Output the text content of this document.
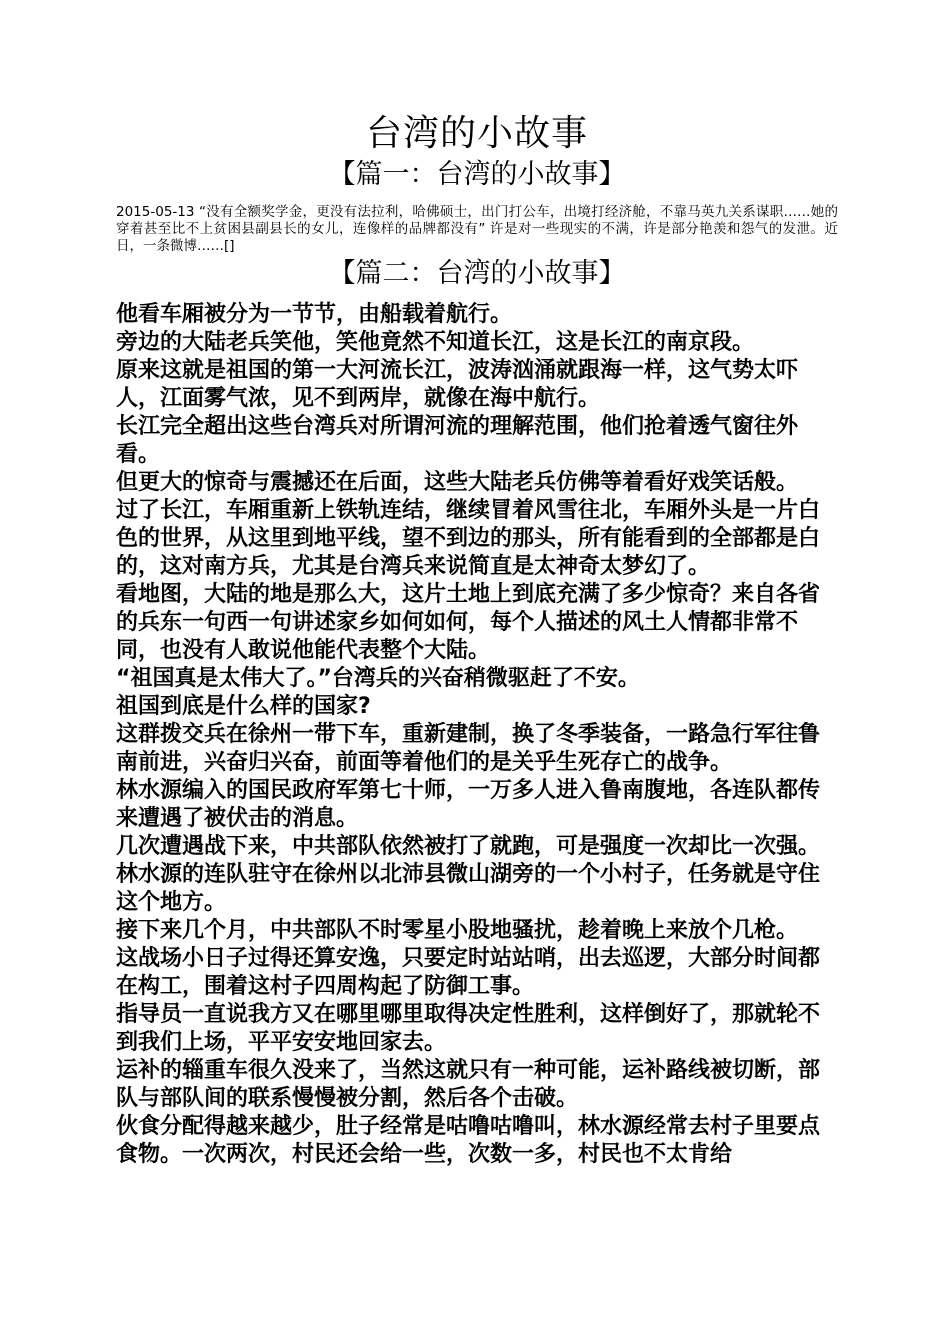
台湾的小故事
【篇一：台湾的小故事】

2015-05-13 “没有全额奖学金，更没有法拉利，哈佛硕士，出门打公车，出境打经济舱，不靠马英九关系谋职……她的穿着甚至比不上贫困县副县长的女儿，连像样的品牌都没有” 许是对一些现实的不满，许是部分艳羡和怨气的发泄。近日，一条微博……[]

【篇二：台湾的小故事】

他看车厢被分为一节节，由船载着航行。

旁边的大陆老兵笑他，笑他竟然不知道长江，这是长江的南京段。

原来这就是祖国的第一大河流长江，波涛汹涌就跟海一样，这气势太吓人，江面雾气浓，见不到两岸，就像在海中航行。

长江完全超出这些台湾兵对所谓河流的理解范围，他们抢着透气窗往外看。

但更大的惊奇与震撼还在后面，这些大陆老兵仿佛等着看好戏笑话般。

过了长江，车厢重新上铁轨连结，继续冒着风雪往北，车厢外头是一片白色的世界，从这里到地平线，望不到边的那头，所有能看到的全部都是白的，这对南方兵，尤其是台湾兵来说简直是太神奇太梦幻了。

看地图，大陆的地是那么大，这片土地上到底充满了多少惊奇？来自各省的兵东一句西一句讲述家乡如何如何，每个人描述的风土人情都非常不同，也没有人敢说他能代表整个大陆。

“祖国真是太伟大了。”台湾兵的兴奋稍微驱赶了不安。

祖国到底是什么样的国家?

这群拨交兵在徐州一带下车，重新建制，换了冬季装备，一路急行军往鲁南前进，兴奋归兴奋，前面等着他们的是关乎生死存亡的战争。

林水源编入的国民政府军第七十师，一万多人进入鲁南腹地，各连队都传来遭遇了被伏击的消息。

几次遭遇战下来，中共部队依然被打了就跑，可是强度一次却比一次强。

林水源的连队驻守在徐州以北沛县微山湖旁的一个小村子，任务就是守住这个地方。

接下来几个月，中共部队不时零星小股地骚扰，趁着晚上来放个几枪。

这战场小日子过得还算安逸，只要定时站站哨，出去巡逻，大部分时间都在构工，围着这村子四周构起了防御工事。

指导员一直说我方又在哪里哪里取得决定性胜利，这样倒好了，那就轮不到我们上场，平平安安地回家去。

运补的辎重车很久没来了，当然这就只有一种可能，运补路线被切断，部队与部队间的联系慢慢被分割，然后各个击破。

伙食分配得越来越少，肚子经常是咕噜咕噜叫，林水源经常去村子里要点食物。一次两次，村民还会给一些，次数一多，村民也不太肯给
